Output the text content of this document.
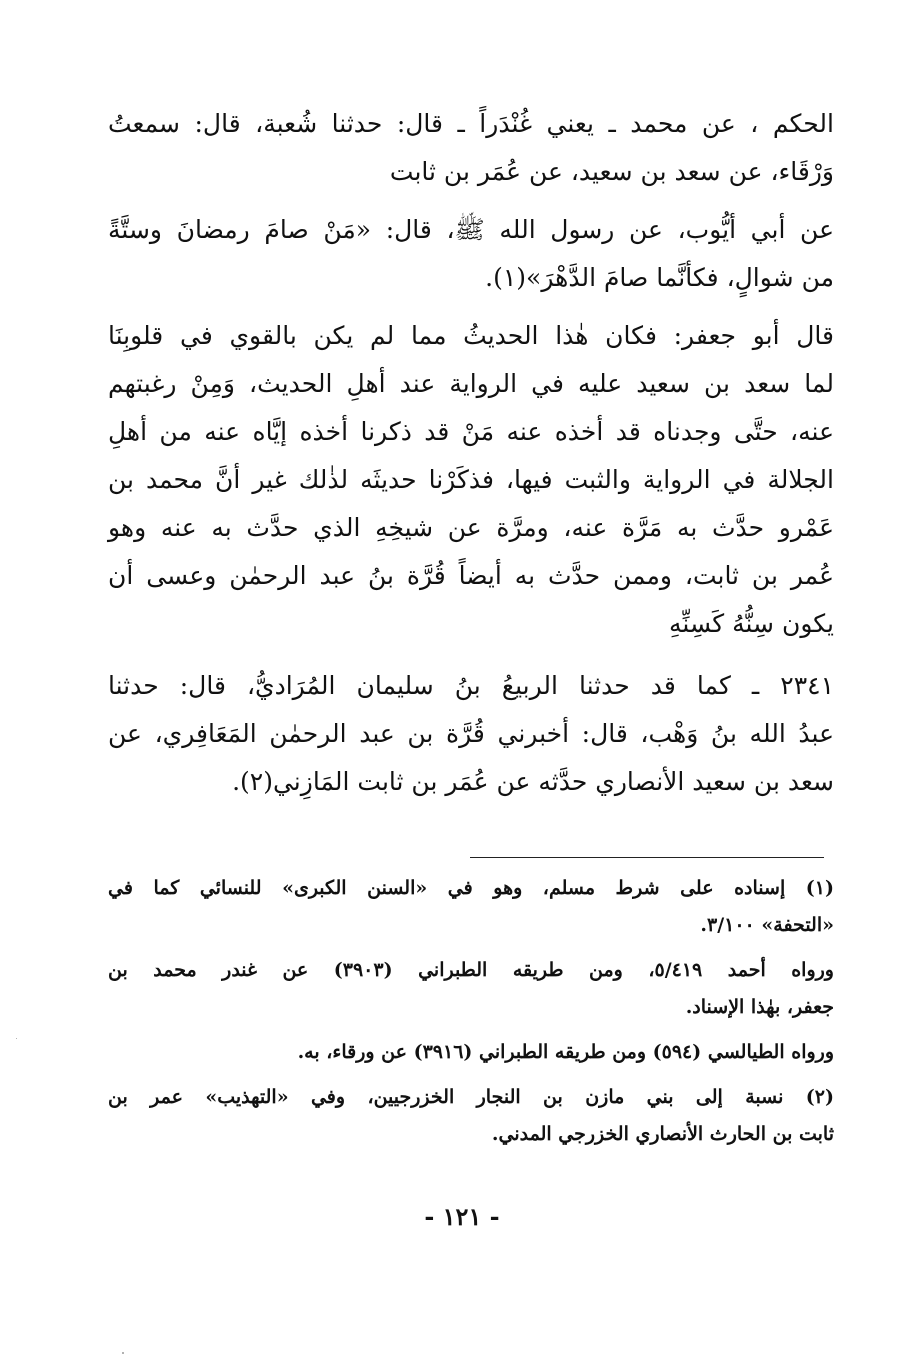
الحكم ، عن محمد ـ يعني غُنْدَراً ـ قال: حدثنا شُعبة، قال: سمعتُ
وَرْقَاء، عن سعد بن سعيد، عن عُمَر بن ثابت

عن أبي أيُّوب، عن رسول الله ﷺ، قال: «مَنْ صامَ رمضانَ وستَّةً
من شوالٍ، فكأنَّما صامَ الدَّهْرَ»(١).

قال أبو جعفر: فكان هٰذا الحديثُ مما لم يكن بالقوي في قلوبِنَا
لما سعد بن سعيد عليه في الرواية عند أهلِ الحديث، وَمِنْ رغبتهم
عنه، حتَّى وجدناه قد أخذه عنه مَنْ قد ذكرنا أخذه إيَّاه عنه من أهلِ
الجلالة في الرواية والثبت فيها، فذكَرْنا حديثَه لذٰلك غير أنَّ محمد بن
عَمْرو حدَّث به مَرَّة عنه، ومرَّة عن شيخِهِ الذي حدَّث به عنه وهو
عُمر بن ثابت، وممن حدَّث به أيضاً قُرَّة بنُ عبد الرحمٰن وعسى أن
يكون سِنُّهُ كَسِنِّهِ

٢٣٤١ ـ كما قد حدثنا الربيعُ بنُ سليمان المُرَاديُّ، قال: حدثنا
عبدُ الله بنُ وَهْب، قال: أخبرني قُرَّة بن عبد الرحمٰن المَعَافِري، عن
سعد بن سعيد الأنصاري حدَّثه عن عُمَر بن ثابت المَازِني(٢).

(١) إسناده على شرط مسلم، وهو في «السنن الكبرى» للنسائي كما في
«التحفة» ٣/١٠٠.

ورواه أحمد ٥/٤١٩، ومن طريقه الطبراني (٣٩٠٣) عن غندر محمد بن
جعفر، بهٰذا الإسناد.

ورواه الطيالسي (٥٩٤) ومن طريقه الطبراني (٣٩١٦) عن ورقاء، به.

(٢) نسبة إلى بني مازن بن النجار الخزرجيين، وفي «التهذيب» عمر بن
ثابت بن الحارث الأنصاري الخزرجي المدني.

- ١٢١ -
